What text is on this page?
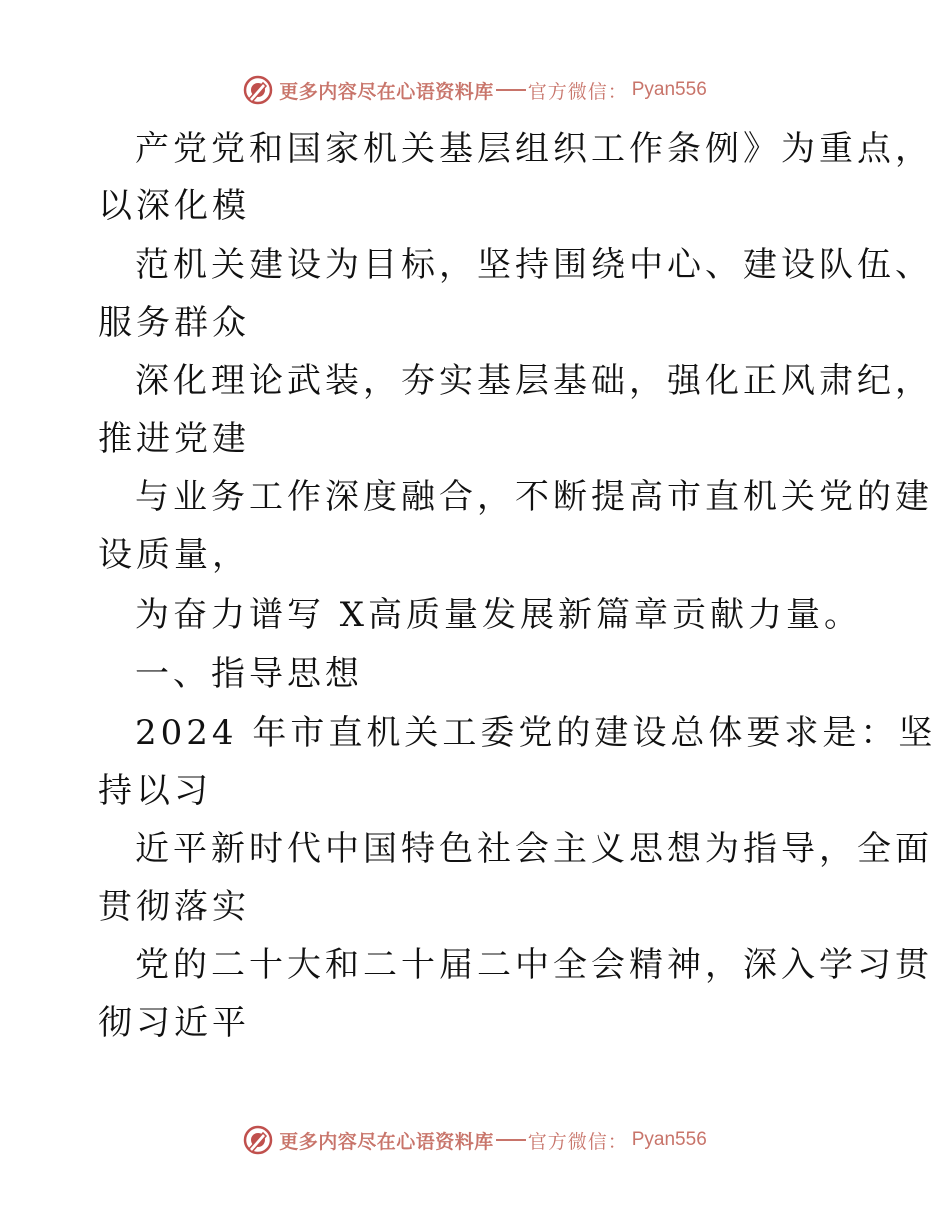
更多内容尽在心语资料库 官方微信： Pyan556
产党党和国家机关基层组织工作条例》为重点，
以深化模
范机关建设为目标，坚持围绕中心、建设队伍、
服务群众
深化理论武装，夯实基层基础，强化正风肃纪，
推进党建
与业务工作深度融合，不断提高市直机关党的建
设质量，
为奋力谱写 X高质量发展新篇章贡献力量。
一、指导思想
2024 年市直机关工委党的建设总体要求是：坚
持以习
近平新时代中国特色社会主义思想为指导，全面
贯彻落实
党的二十大和二十届二中全会精神，深入学习贯
彻习近平
更多内容尽在心语资料库 官方微信： Pyan556
